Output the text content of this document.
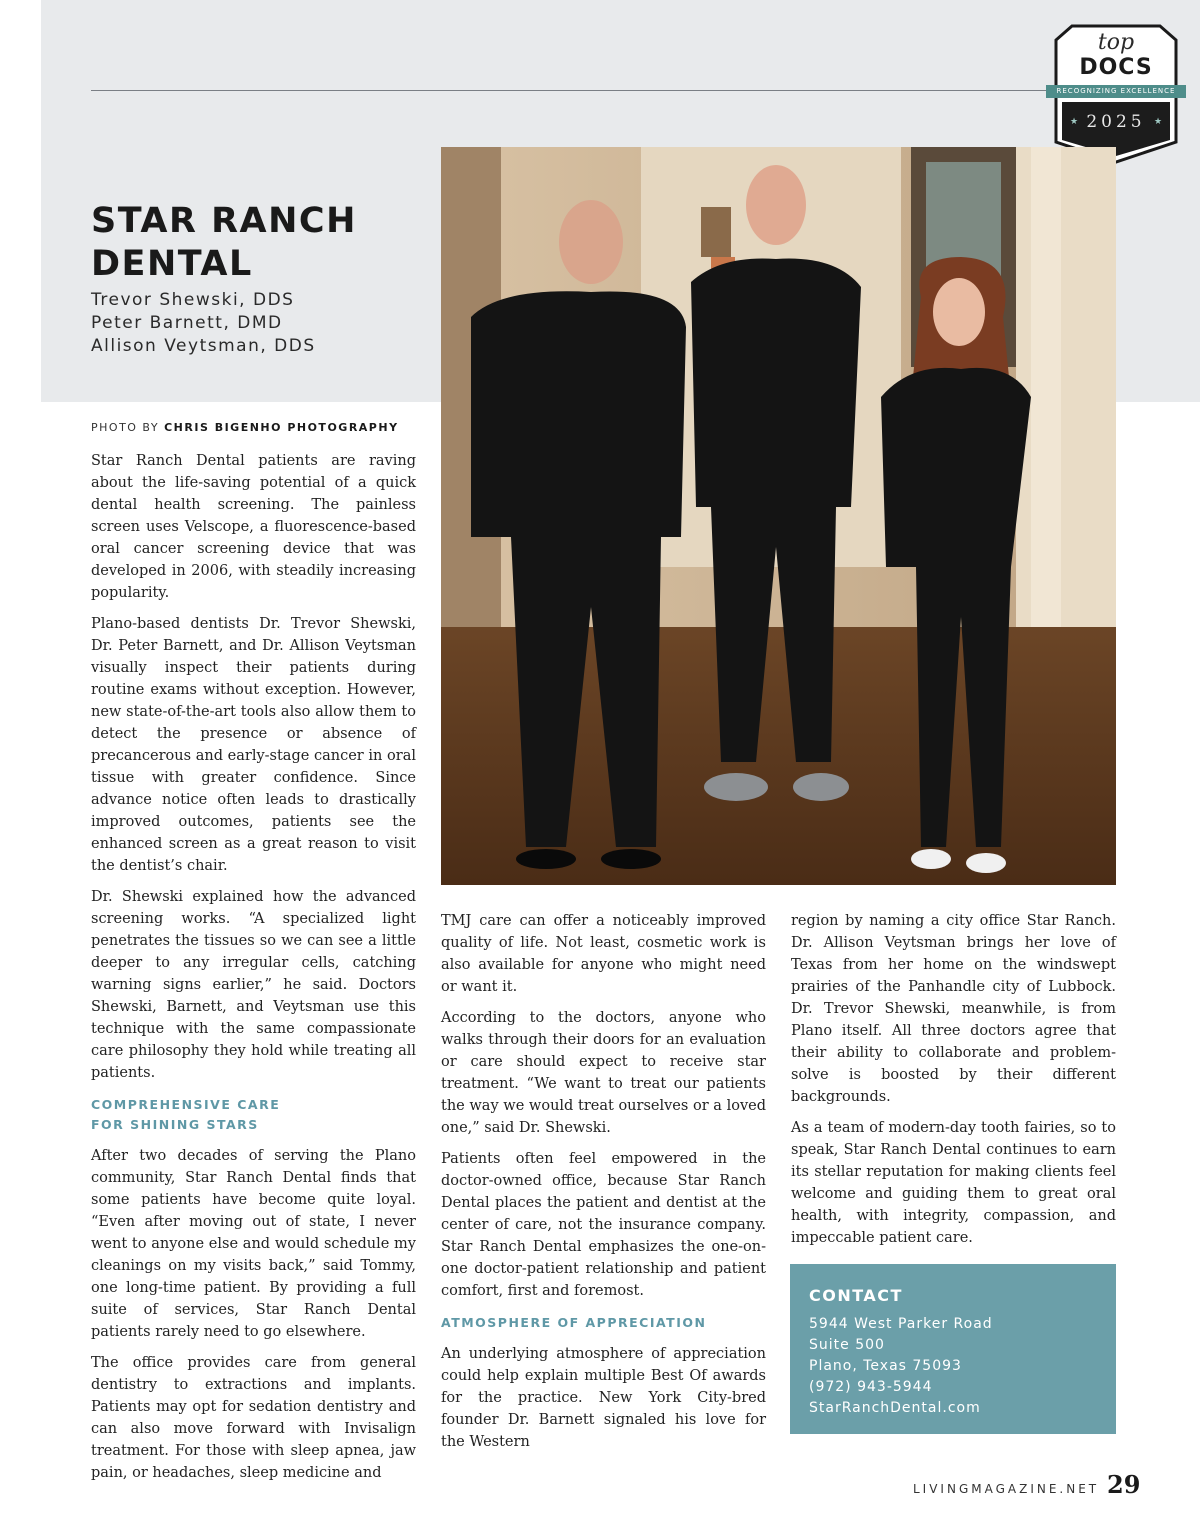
top
DOCS
RECOGNIZING EXCELLENCE
★ 2025 ★
STAR RANCH
DENTAL
Trevor Shewski, DDS
Peter Barnett, DMD
Allison Veytsman, DDS
PHOTO BY CHRIS BIGENHO PHOTOGRAPHY

Star Ranch Dental patients are raving about the life-saving potential of a quick dental health screening. The painless screen uses Velscope, a fluorescence-based oral cancer screening device that was developed in 2006, with steadily increasing popularity.

Plano-based dentists Dr. Trevor Shewski, Dr. Peter Barnett, and Dr. Allison Veytsman visually inspect their patients during routine exams without exception. However, new state-of-the-art tools also allow them to detect the presence or absence of precancerous and early-stage cancer in oral tissue with greater confidence. Since advance notice often leads to drastically improved outcomes, patients see the enhanced screen as a great reason to visit the dentist’s chair.

Dr. Shewski explained how the advanced screening works. “A specialized light penetrates the tissues so we can see a little deeper to any irregular cells, catching warning signs earlier,” he said. Doctors Shewski, Barnett, and Veytsman use this technique with the same compassionate care philosophy they hold while treating all patients.

COMPREHENSIVE CARE
FOR SHINING STARS

After two decades of serving the Plano community, Star Ranch Dental finds that some patients have become quite loyal. “Even after moving out of state, I never went to anyone else and would schedule my cleanings on my visits back,” said Tommy, one long-time patient. By providing a full suite of services, Star Ranch Dental patients rarely need to go elsewhere.

The office provides care from general dentistry to extractions and implants. Patients may opt for sedation dentistry and can also move forward with Invisalign treatment. For those with sleep apnea, jaw pain, or headaches, sleep medicine and

TMJ care can offer a noticeably improved quality of life. Not least, cosmetic work is also available for anyone who might need or want it.

According to the doctors, anyone who walks through their doors for an evaluation or care should expect to receive star treatment. “We want to treat our patients the way we would treat ourselves or a loved one,” said Dr. Shewski.

Patients often feel empowered in the doctor-owned office, because Star Ranch Dental places the patient and dentist at the center of care, not the insurance company. Star Ranch Dental emphasizes the one-on-one doctor-patient relationship and patient comfort, first and foremost.

ATMOSPHERE OF APPRECIATION

An underlying atmosphere of appreciation could help explain multiple Best Of awards for the practice. New York City-bred founder Dr. Barnett signaled his love for the Western

region by naming a city office Star Ranch. Dr. Allison Veytsman brings her love of Texas from her home on the windswept prairies of the Panhandle city of Lubbock. Dr. Trevor Shewski, meanwhile, is from Plano itself. All three doctors agree that their ability to collaborate and problem-solve is boosted by their different backgrounds.

As a team of modern-day tooth fairies, so to speak, Star Ranch Dental continues to earn its stellar reputation for making clients feel welcome and guiding them to great oral health, with integrity, compassion, and impeccable patient care.

CONTACT
5944 West Parker Road
Suite 500
Plano, Texas 75093
(972) 943-5944
StarRanchDental.com
LIVINGMAGAZINE.NET 29
